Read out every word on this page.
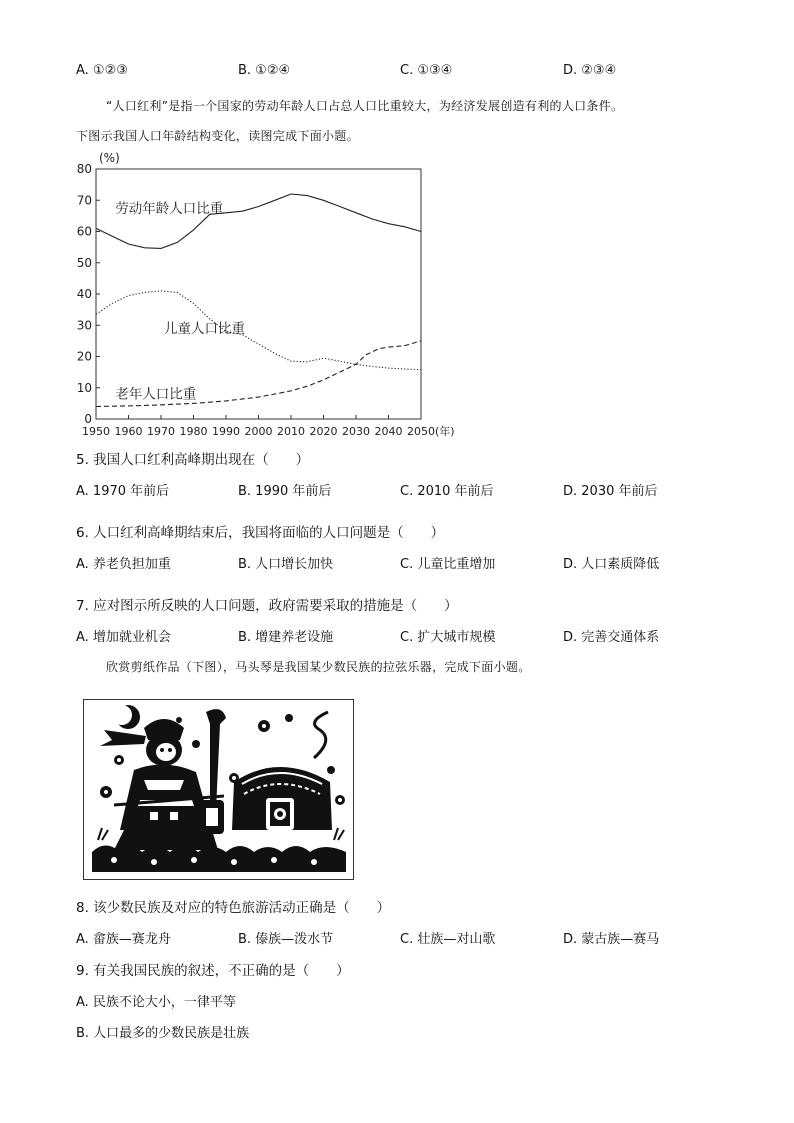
A. ①②③	B. ①②④	C. ①③④	D. ②③④
“人口红利”是指一个国家的劳动年龄人口占总人口比重较大，为经济发展创造有利的人口条件。
下图示我国人口年龄结构变化，读图完成下面小题。
0
10
20
30
40
50
60
70
80
1950 1960 1970 1980 1990 2000 2010 2020 2030 2040 2050
(%)
(年)
劳动年龄人口比重
儿童人口比重
老年人口比重
5. 我国人口红利高峰期出现在（　　）
A. 1970 年前后	B. 1990 年前后	C. 2010 年前后	D. 2030 年前后
6. 人口红利高峰期结束后，我国将面临的人口问题是（　　）
A. 养老负担加重	B. 人口增长加快	C. 儿童比重增加	D. 人口素质降低
7. 应对图示所反映的人口问题，政府需要采取的措施是（　　）
A. 增加就业机会	B. 增建养老设施	C. 扩大城市规模	D. 完善交通体系
欣赏剪纸作品（下图），马头琴是我国某少数民族的拉弦乐器，完成下面小题。
8. 该少数民族及对应的特色旅游活动正确是（　　）
A. 畲族—赛龙舟	B. 傣族—泼水节	C. 壮族—对山歌	D. 蒙古族—赛马
9. 有关我国民族的叙述，不正确的是（　　）
A. 民族不论大小，一律平等
B. 人口最多的少数民族是壮族
